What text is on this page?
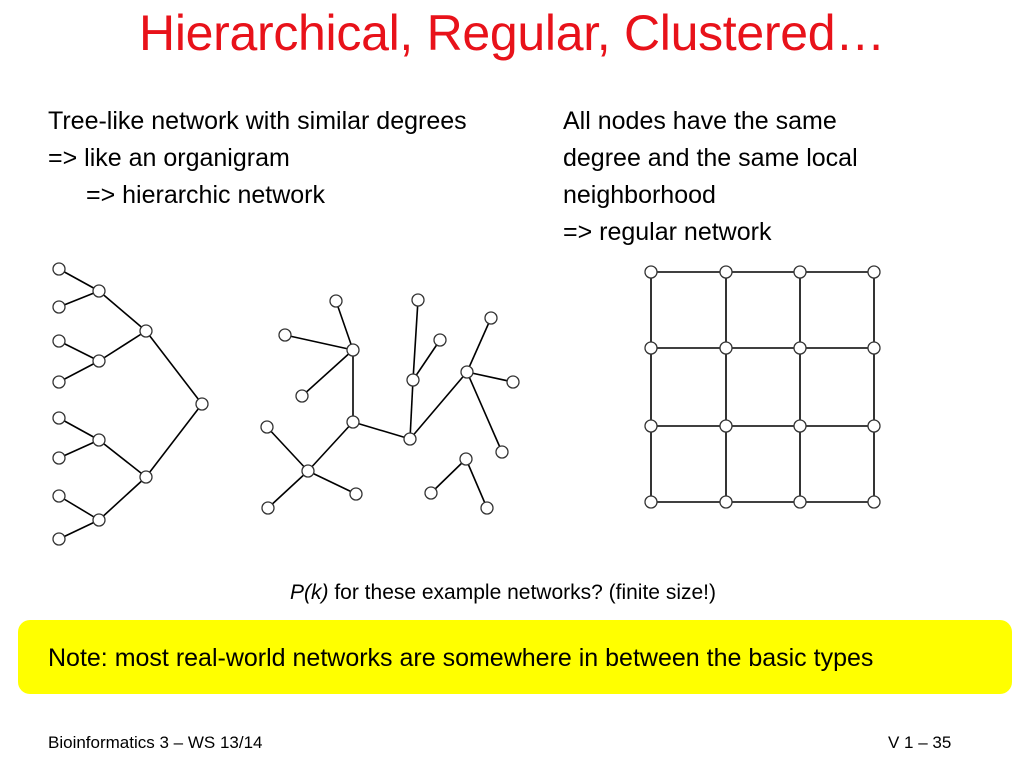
Hierarchical, Regular, Clustered…
Tree-like network with similar degrees
=> like an organigram
=> hierarchic network
All nodes have the same
degree and the same local
neighborhood
=> regular network
P(k) for these example networks? (finite size!)
Note: most real-world networks are somewhere in between the basic types
Bioinformatics 3 – WS 13/14	V 1 – 35
